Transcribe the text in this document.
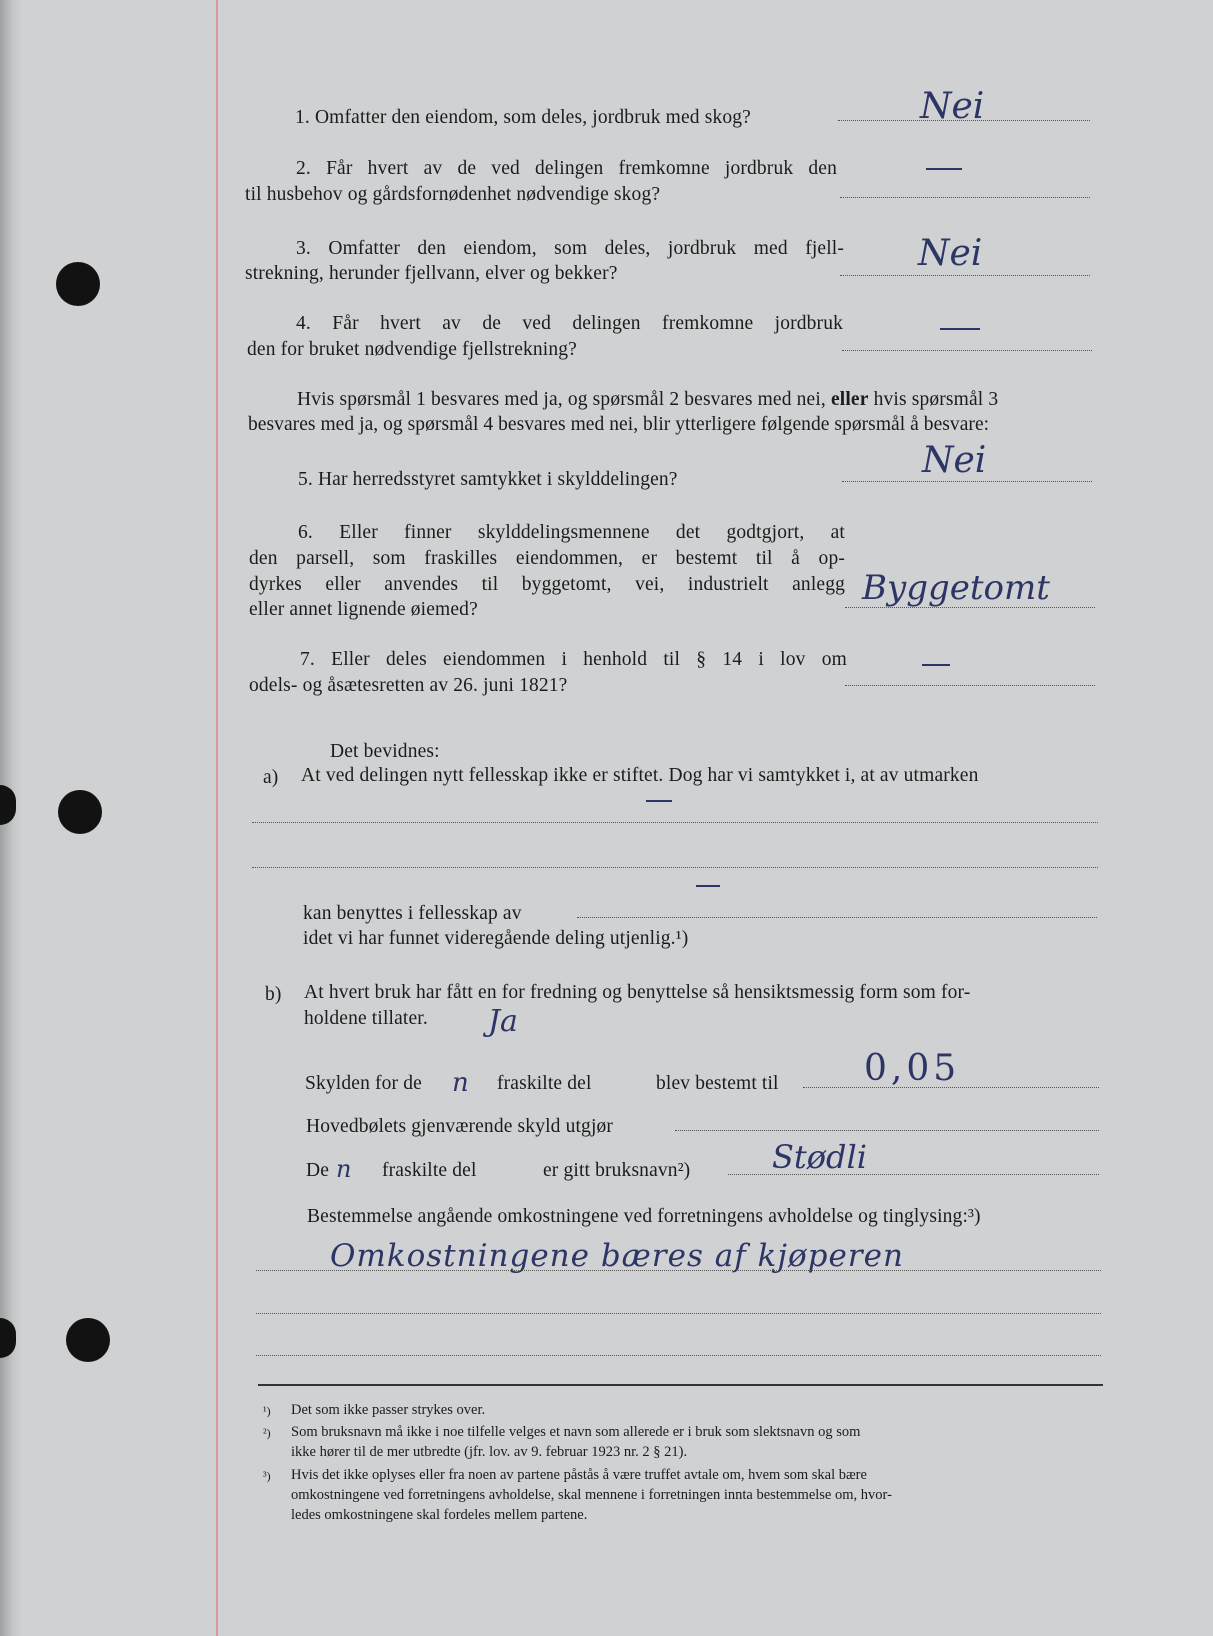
1. Omfatter den eiendom, som deles, jordbruk med skog?	Nei
2. Får hvert av de ved delingen fremkomne jordbruk den
til husbehov og gårdsfornødenhet nødvendige skog?
3. Omfatter den eiendom, som deles, jordbruk med fjell-
strekning, herunder fjellvann, elver og bekker?	Nei
4. Får hvert av de ved delingen fremkomne jordbruk
den for bruket nødvendige fjellstrekning?
Hvis spørsmål 1 besvares med ja, og spørsmål 2 besvares med nei, eller hvis spørsmål 3
besvares med ja, og spørsmål 4 besvares med nei, blir ytterligere følgende spørsmål å besvare:
5. Har herredsstyret samtykket i skylddelingen?	Nei
6. Eller finner skylddelingsmennene det godtgjort, at
den parsell, som fraskilles eiendommen, er bestemt til å op-
dyrkes eller anvendes til byggetomt, vei, industrielt anlegg
eller annet lignende øiemed?
Byggetomt
7. Eller deles eiendommen i henhold til § 14 i lov om
odels- og åsætesretten av 26. juni 1821?
Det bevidnes:
a) At ved delingen nytt fellesskap ikke er stiftet. Dog har vi samtykket i, at av utmarken
kan benyttes i fellesskap av
idet vi har funnet videregående deling utjenlig.¹)
b) At hvert bruk har fått en for fredning og benyttelse så hensiktsmessig form som for-
holdene tillater. Ja
Skylden for de n fraskilte del	blev bestemt til 0,05
Hovedbølets gjenværende skyld utgjør
De n fraskilte del	er gitt bruksnavn²)	Stødli
Bestemmelse angående omkostningene ved forretningens avholdelse og tinglysing:³)
Omkostningene bæres af kjøperen
¹) Det som ikke passer strykes over.
²) Som bruksnavn må ikke i noe tilfelle velges et navn som allerede er i bruk som slektsnavn og som
ikke hører til de mer utbredte (jfr. lov. av 9. februar 1923 nr. 2 § 21).
³) Hvis det ikke oplyses eller fra noen av partene påstås å være truffet avtale om, hvem som skal bære
omkostningene ved forretningens avholdelse, skal mennene i forretningen innta bestemmelse om, hvor-
ledes omkostningene skal fordeles mellem partene.
